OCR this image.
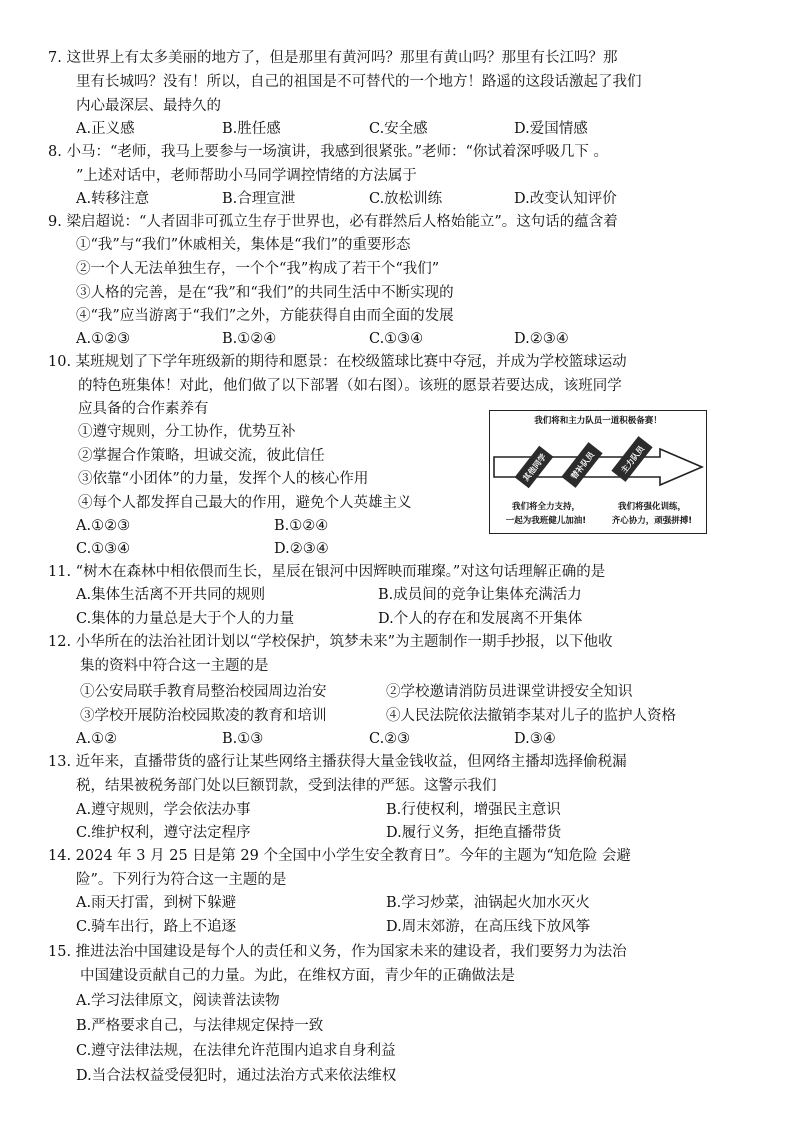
7. 这世界上有太多美丽的地方了，但是那里有黄河吗？那里有黄山吗？那里有长江吗？那
里有长城吗？没有！所以，自己的祖国是不可替代的一个地方！路遥的这段话激起了我们
内心最深层、最持久的
A.正义感	B.胜任感	C.安全感	D.爱国情感
8. 小马：“老师，我马上要参与一场演讲，我感到很紧张。”老师：“你试着深呼吸几下 。
”上述对话中，老师帮助小马同学调控情绪的方法属于
A.转移注意	B.合理宣泄	C.放松训练	D.改变认知评价
9. 梁启超说：“人者固非可孤立生存于世界也，必有群然后人格始能立”。这句话的蕴含着
①“我”与“我们”休戚相关，集体是“我们”的重要形态
②一个人无法单独生存，一个个“我”构成了若干个“我们”
③人格的完善，是在“我”和“我们”的共同生活中不断实现的
④“我”应当游离于“我们”之外，方能获得自由而全面的发展
A.①②③	B.①②④	C.①③④	D.②③④
10. 某班规划了下学年班级新的期待和愿景：在校级篮球比赛中夺冠，并成为学校篮球运动
的特色班集体！对此，他们做了以下部署（如右图）。该班的愿景若要达成，该班同学
应具备的合作素养有
①遵守规则，分工协作，优势互补
②掌握合作策略，坦诚交流，彼此信任
③依靠“小团体”的力量，发挥个人的核心作用
④每个人都发挥自己最大的作用，避免个人英雄主义
A.①②③	B.①②④
C.①③④	D.②③④
我们将和主力队员一道积极备赛！
其他同学	替补队员	主力队员
我们将全力支持，
一起为我班健儿加油!
我们将强化训练，
齐心协力，顽强拼搏!
11. “树木在森林中相依偎而生长，星辰在银河中因辉映而璀璨。”对这句话理解正确的是
A.集体生活离不开共同的规则	B.成员间的竞争让集体充满活力
C.集体的力量总是大于个人的力量	D.个人的存在和发展离不开集体
12. 小华所在的法治社团计划以“学校保护，筑梦未来”为主题制作一期手抄报，以下他收
集的资料中符合这一主题的是
①公安局联手教育局整治校园周边治安	②学校邀请消防员进课堂讲授安全知识
③学校开展防治校园欺凌的教育和培训	④人民法院依法撤销李某对儿子的监护人资格
A.①②	B.①③	C.②③	D.③④
13. 近年来，直播带货的盛行让某些网络主播获得大量金钱收益，但网络主播却选择偷税漏
税，结果被税务部门处以巨额罚款，受到法律的严惩。这警示我们
A.遵守规则，学会依法办事	B.行使权利，增强民主意识
C.维护权利，遵守法定程序	D.履行义务，拒绝直播带货
14. 2024 年 3 月 25 日是第 29 个全国中小学生安全教育日”。今年的主题为“知危险 会避
险”。下列行为符合这一主题的是
A.雨天打雷，到树下躲避	B.学习炒菜，油锅起火加水灭火
C.骑车出行，路上不追逐	D.周末郊游，在高压线下放风筝
15. 推进法治中国建设是每个人的责任和义务，作为国家未来的建设者，我们要努力为法治
中国建设贡献自己的力量。为此，在维权方面，青少年的正确做法是
A.学习法律原文，阅读普法读物
B.严格要求自己，与法律规定保持一致
C.遵守法律法规，在法律允许范围内追求自身利益
D.当合法权益受侵犯时，通过法治方式来依法维权
